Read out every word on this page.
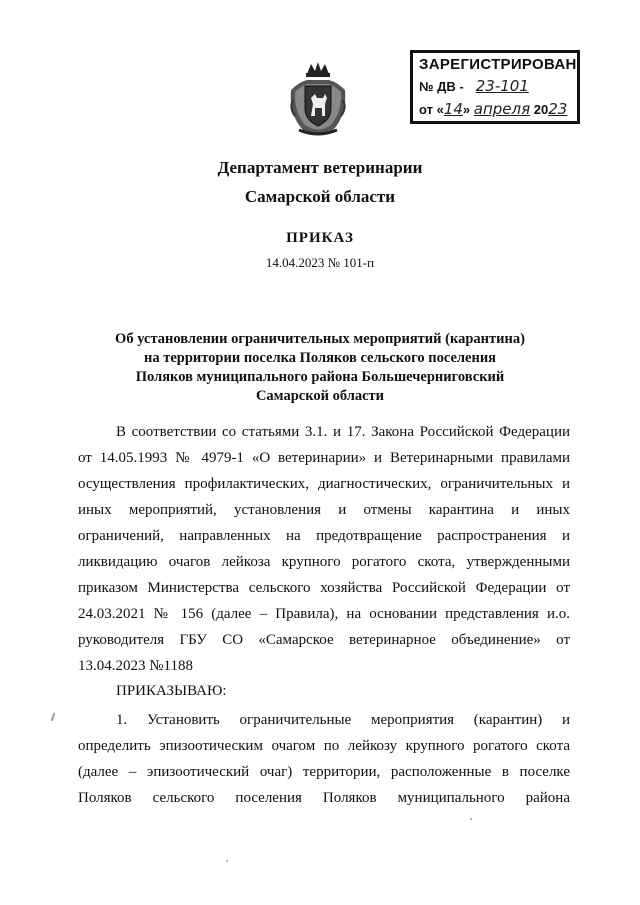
ЗАРЕГИСТРИРОВАН
№ ДВ - 23-101
от «14» апреля 2023
Департамент ветеринарии
Самарской области
ПРИКАЗ
14.04.2023 № 101-п
Об установлении ограничительных мероприятий (карантина)
на территории поселка Поляков сельского поселения
Поляков муниципального района Большечерниговский
Самарской области
В соответствии со статьями 3.1. и 17. Закона Российской Федерации
от 14.05.1993 № 4979-1 «О ветеринарии» и Ветеринарными правилами
осуществления профилактических, диагностических, ограничительных и
иных мероприятий, установления и отмены карантина и иных
ограничений, направленных на предотвращение распространения и
ликвидацию очагов лейкоза крупного рогатого скота, утвержденными
приказом Министерства сельского хозяйства Российской Федерации от
24.03.2021 № 156 (далее – Правила), на основании представления и.о.
руководителя ГБУ СО «Самарское ветеринарное объединение» от
13.04.2023 №1188
ПРИКАЗЫВАЮ:
1. Установить ограничительные мероприятия (карантин) и
определить эпизоотическим очагом по лейкозу крупного рогатого скота
(далее – эпизоотический очаг) территории, расположенные в поселке
Поляков сельского поселения Поляков муниципального района
